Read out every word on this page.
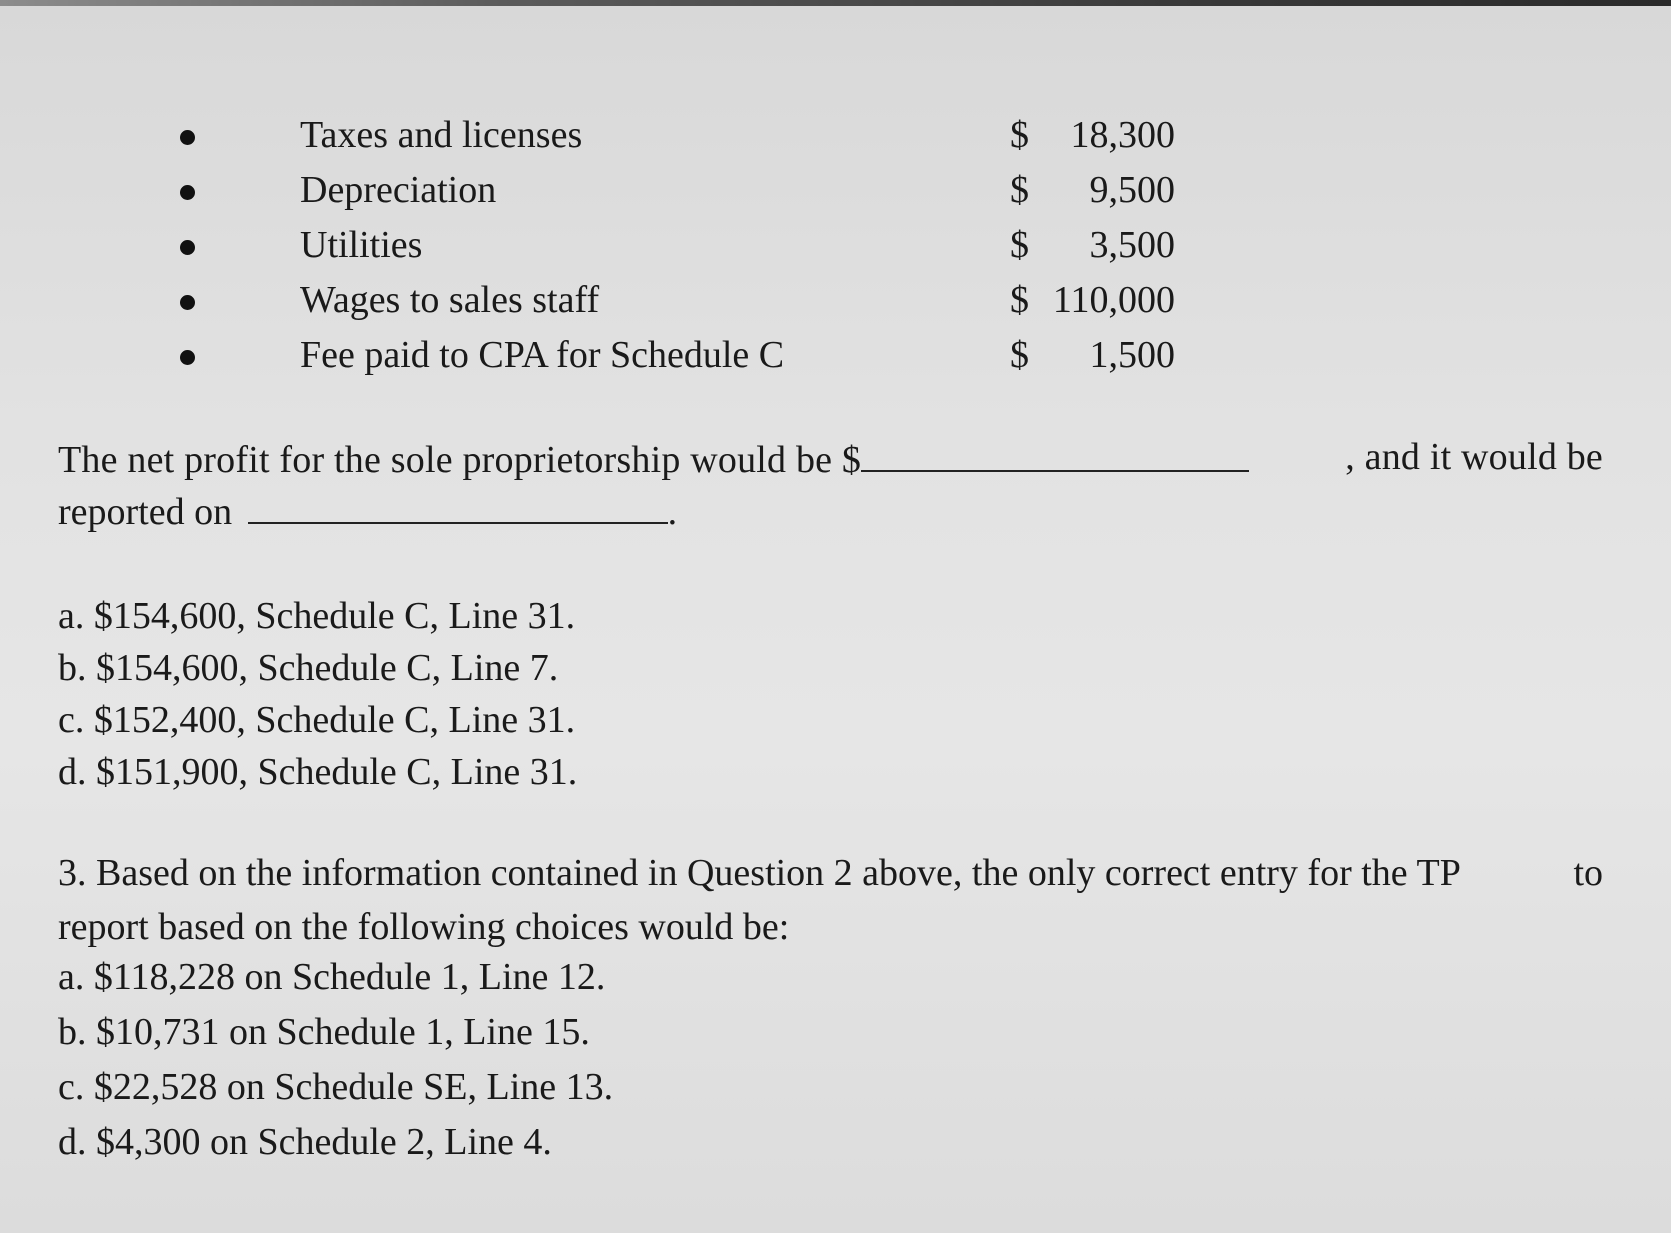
Taxes and licenses	$ 18,300
Depreciation	$ 9,500
Utilities	$ 3,500
Wages to sales staff	$ 110,000
Fee paid to CPA for Schedule C	$ 1,500
The net profit for the sole proprietorship would be $	, and it would be
reported on	.
a. $154,600, Schedule C, Line 31.
b. $154,600, Schedule C, Line 7.
c. $152,400, Schedule C, Line 31.
d. $151,900, Schedule C, Line 31.
3. Based on the information contained in Question 2 above, the only correct entry for the TP	to
report based on the following choices would be:
a. $118,228 on Schedule 1, Line 12.
b. $10,731 on Schedule 1, Line 15.
c. $22,528 on Schedule SE, Line 13.
d. $4,300 on Schedule 2, Line 4.
